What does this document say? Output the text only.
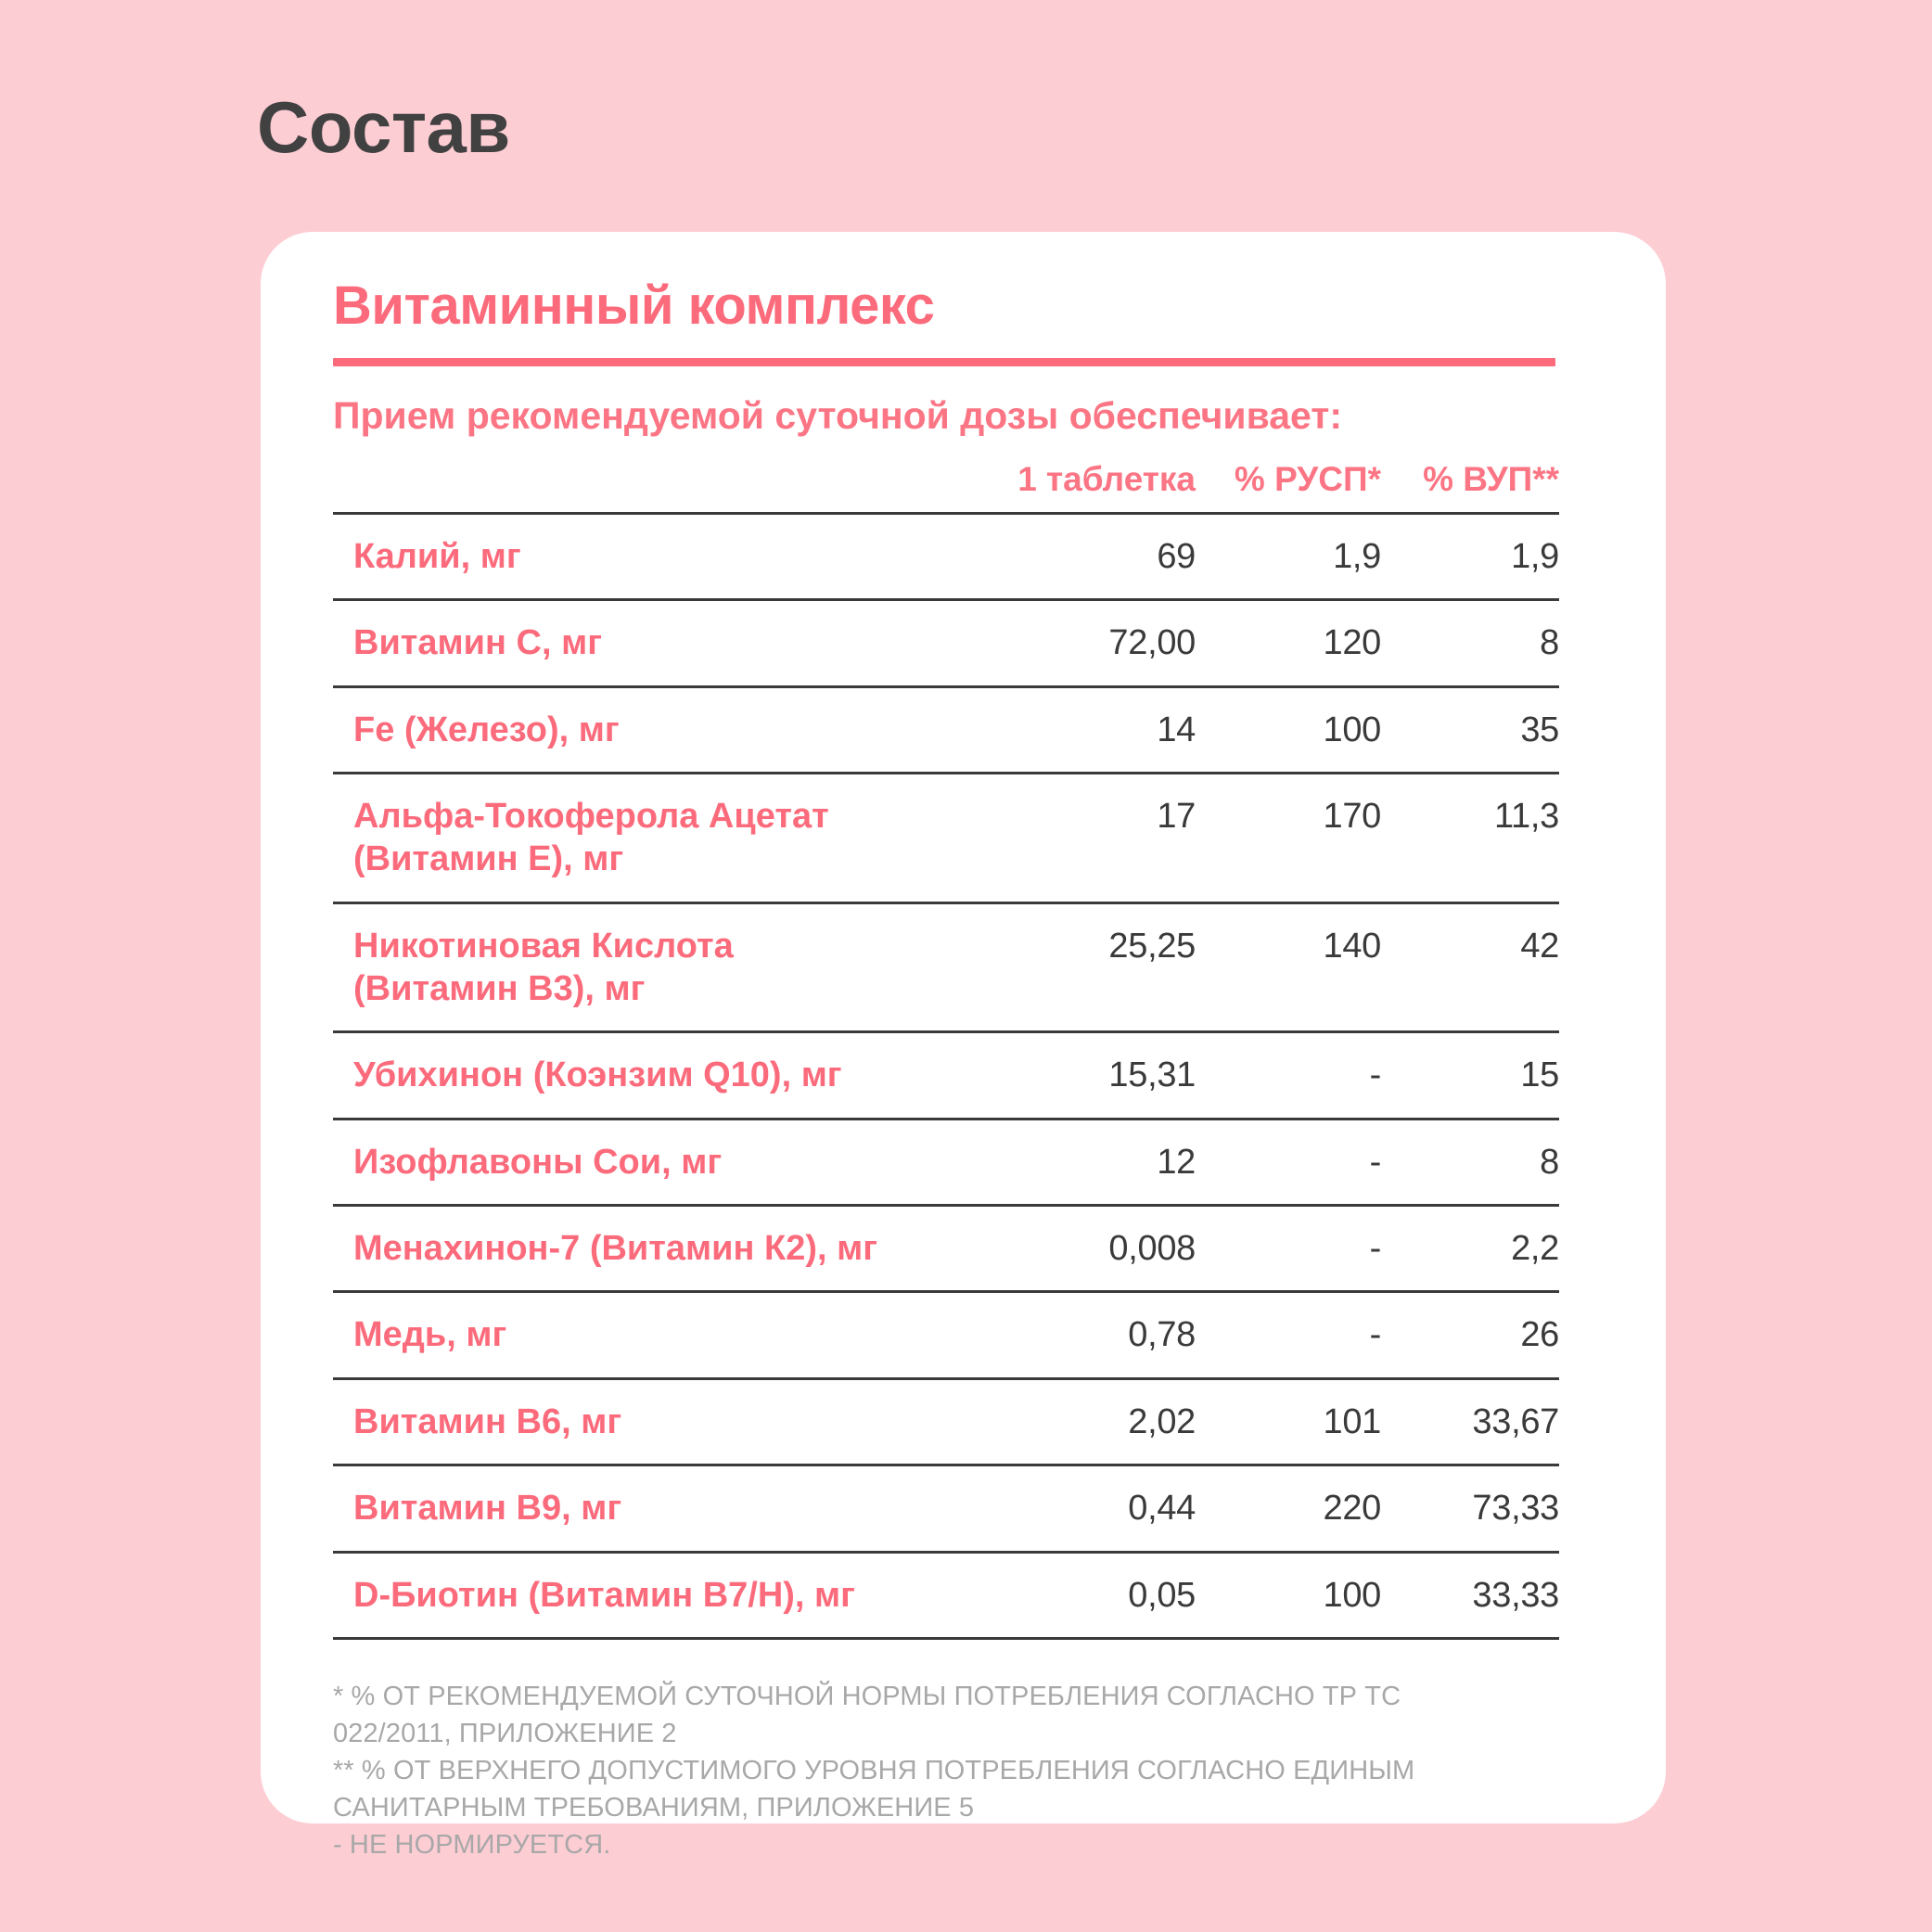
Состав
Витаминный комплекс
Прием рекомендуемой суточной дозы обеспечивает:
	1 таблетка	% РУСП*	% ВУП**
Калий, мг	69	1,9	1,9
Витамин C, мг	72,00	120	8
Fe (Железо), мг	14	100	35
Альфа-Токоферола Ацетат
(Витамин Е), мг	17	170	11,3
Никотиновая Кислота
(Витамин B3), мг	25,25	140	42
Убихинон (Коэнзим Q10), мг	15,31	-	15
Изофлавоны Сои, мг	12	-	8
Менахинон-7 (Витамин К2), мг	0,008	-	2,2
Медь, мг	0,78	-	26
Витамин B6, мг	2,02	101	33,67
Витамин B9, мг	0,44	220	73,33
D-Биотин (Витамин B7/H), мг	0,05	100	33,33
* % ОТ РЕКОМЕНДУЕМОЙ СУТОЧНОЙ НОРМЫ ПОТРЕБЛЕНИЯ СОГЛАСНО ТР ТС
022/2011, ПРИЛОЖЕНИЕ 2
** % ОТ ВЕРХНЕГО ДОПУСТИМОГО УРОВНЯ ПОТРЕБЛЕНИЯ СОГЛАСНО ЕДИНЫМ
САНИТАРНЫМ ТРЕБОВАНИЯМ, ПРИЛОЖЕНИЕ 5
- НЕ НОРМИРУЕТСЯ.
